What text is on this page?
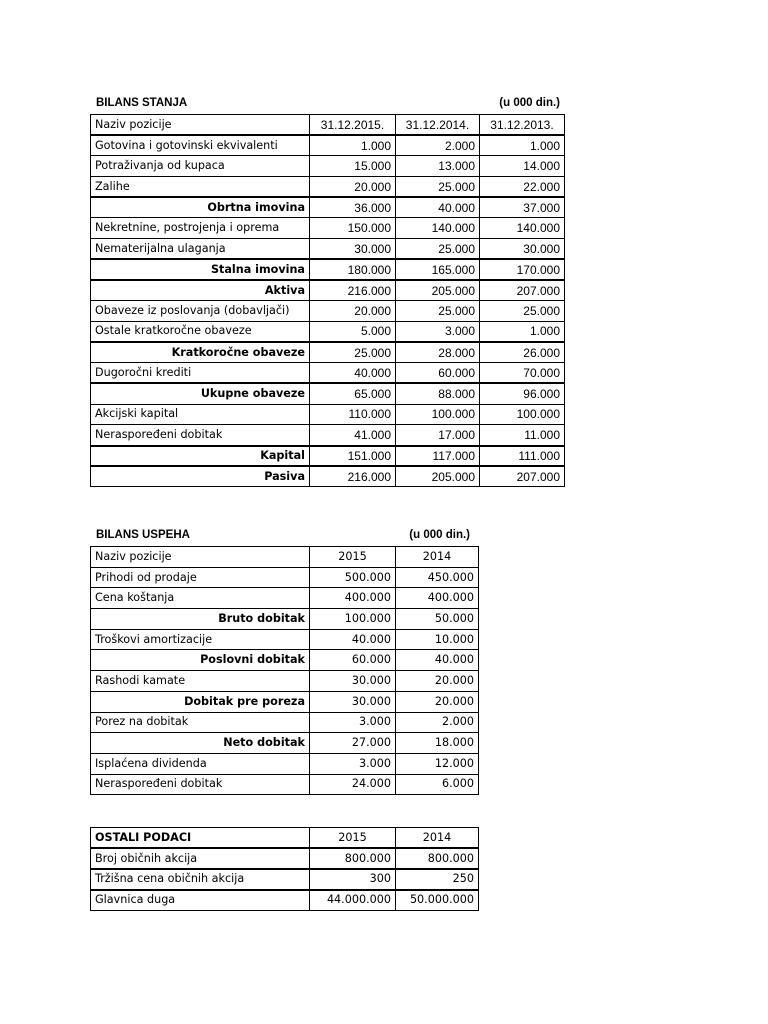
BILANS STANJA	(u 000 din.)
Naziv pozicije	31.12.2015.	31.12.2014.	31.12.2013.
Gotovina i gotovinski ekvivalenti	1.000	2.000	1.000
Potraživanja od kupaca	15.000	13.000	14.000
Zalihe	20.000	25.000	22.000
Obrtna imovina	36.000	40.000	37.000
Nekretnine, postrojenja i oprema	150.000	140.000	140.000
Nematerijalna ulaganja	30.000	25.000	30.000
Stalna imovina	180.000	165.000	170.000
Aktiva	216.000	205.000	207.000
Obaveze iz poslovanja (dobavljači)	20.000	25.000	25.000
Ostale kratkoročne obaveze	5.000	3.000	1.000
Kratkoročne obaveze	25.000	28.000	26.000
Dugoročni krediti	40.000	60.000	70.000
Ukupne obaveze	65.000	88.000	96.000
Akcijski kapital	110.000	100.000	100.000
Neraspoređeni dobitak	41.000	17.000	11.000
Kapital	151.000	117.000	111.000
Pasiva	216.000	205.000	207.000
BILANS USPEHA	(u 000 din.)
Naziv pozicije	2015	2014
Prihodi od prodaje	500.000	450.000
Cena koštanja	400.000	400.000
Bruto dobitak	100.000	50.000
Troškovi amortizacije	40.000	10.000
Poslovni dobitak	60.000	40.000
Rashodi kamate	30.000	20.000
Dobitak pre poreza	30.000	20.000
Porez na dobitak	3.000	2.000
Neto dobitak	27.000	18.000
Isplaćena dividenda	3.000	12.000
Neraspoređeni dobitak	24.000	6.000
OSTALI PODACI	2015	2014
Broj običnih akcija	800.000	800.000
Tržišna cena običnih akcija	300	250
Glavnica duga	44.000.000	50.000.000
